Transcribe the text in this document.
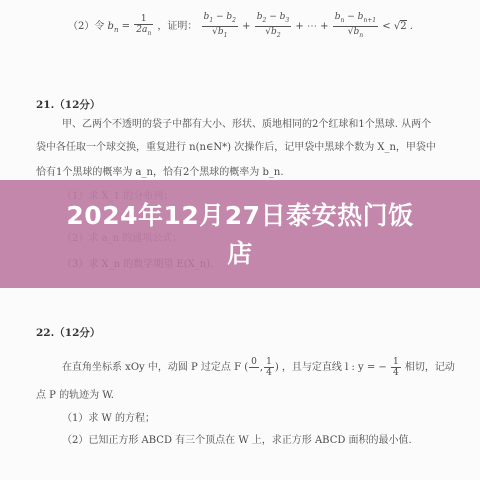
（2）令 $b_n = \frac{1}{2a_n}$ ，证明： $\frac{b_1 - b_2}{√b_1} + \frac{b_2 - b_3}{√b_2}$ + ⋯ + $\frac{b_n - b_{n+1}}{√b_n} < √2$ .
21.（12分）
甲、乙两个不透明的袋子中都有大小、形状、质地相同的2个红球和1个黑球. 从两个
袋中各任取一个球交换，重复进行 n(n∈N*) 次操作后，记甲袋中黑球个数为 X_n，甲袋中
恰有1个黑球的概率为 a_n，恰有2个黑球的概率为 b_n.
22.（12分）
在直角坐标系 xOy 中，动圆 P 过定点 F ( 0
, $\frac{1}{4}$ ) ，且与定直线 l : y = − $\frac{1}{4}$ 相切，记动
点 P 的轨迹为 W.
（1）求 W 的方程；
（2）已知正方形 ABCD 有三个顶点在 W 上，求正方形 ABCD 面积的最小值.
2024年12月27日泰安热门饭
店
